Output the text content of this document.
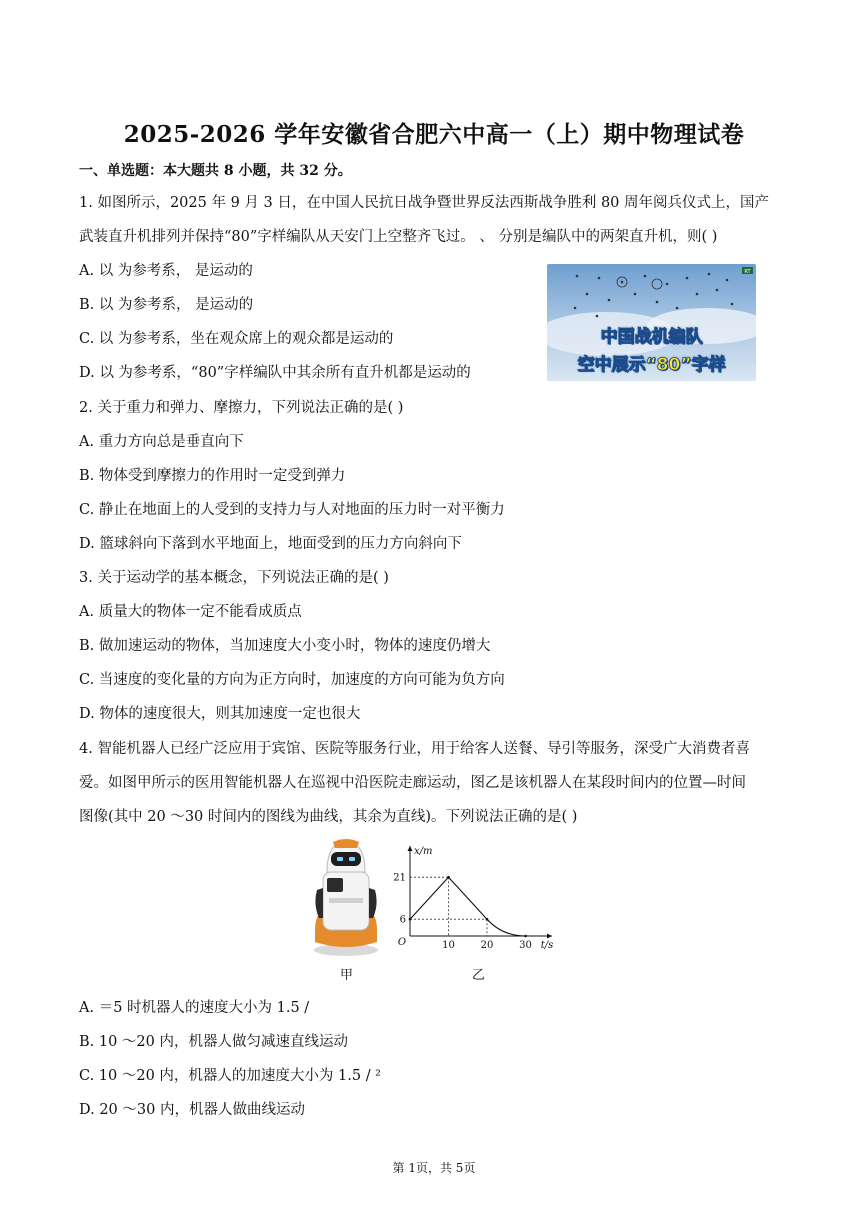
2025-2026 学年安徽省合肥六中高一（上）期中物理试卷
一、单选题：本大题共 8 小题，共 32 分。
1. 如图所示，2025 年 9 月 3 日，在中国人民抗日战争暨世界反法西斯战争胜利 80 周年阅兵仪式上，国产
武装直升机排列并保持“80”字样编队从天安门上空整齐飞过。 、 分别是编队中的两架直升机，则( )
A. 以 为参考系， 是运动的
B. 以 为参考系， 是运动的
C. 以 为参考系，坐在观众席上的观众都是运动的
D. 以 为参考系，“80”字样编队中其余所有直升机都是运动的
RT
中国战机编队
空中展示“80”字样
2. 关于重力和弹力、摩擦力，下列说法正确的是( )
A. 重力方向总是垂直向下
B. 物体受到摩擦力的作用时一定受到弹力
C. 静止在地面上的人受到的支持力与人对地面的压力时一对平衡力
D. 篮球斜向下落到水平地面上，地面受到的压力方向斜向下
3. 关于运动学的基本概念，下列说法正确的是( )
A. 质量大的物体一定不能看成质点
B. 做加速运动的物体，当加速度大小变小时，物体的速度仍增大
C. 当速度的变化量的方向为正方向时，加速度的方向可能为负方向
D. 物体的速度很大，则其加速度一定也很大
4. 智能机器人已经广泛应用于宾馆、医院等服务行业，用于给客人送餐、导引等服务，深受广大消费者喜
爱。如图甲所示的医用智能机器人在巡视中沿医院走廊运动，图乙是该机器人在某段时间内的位置—时间
图像(其中 20 ～30 时间内的图线为曲线，其余为直线)。下列说法正确的是( )
甲
x/m
t/s
O
21
6
10	20	30
乙
A. ＝5 时机器人的速度大小为 1.5 /
B. 10 ～20 内，机器人做匀减速直线运动
C. 10 ～20 内，机器人的加速度大小为 1.5 / ²
D. 20 ～30 内，机器人做曲线运动
第 1页，共 5页
